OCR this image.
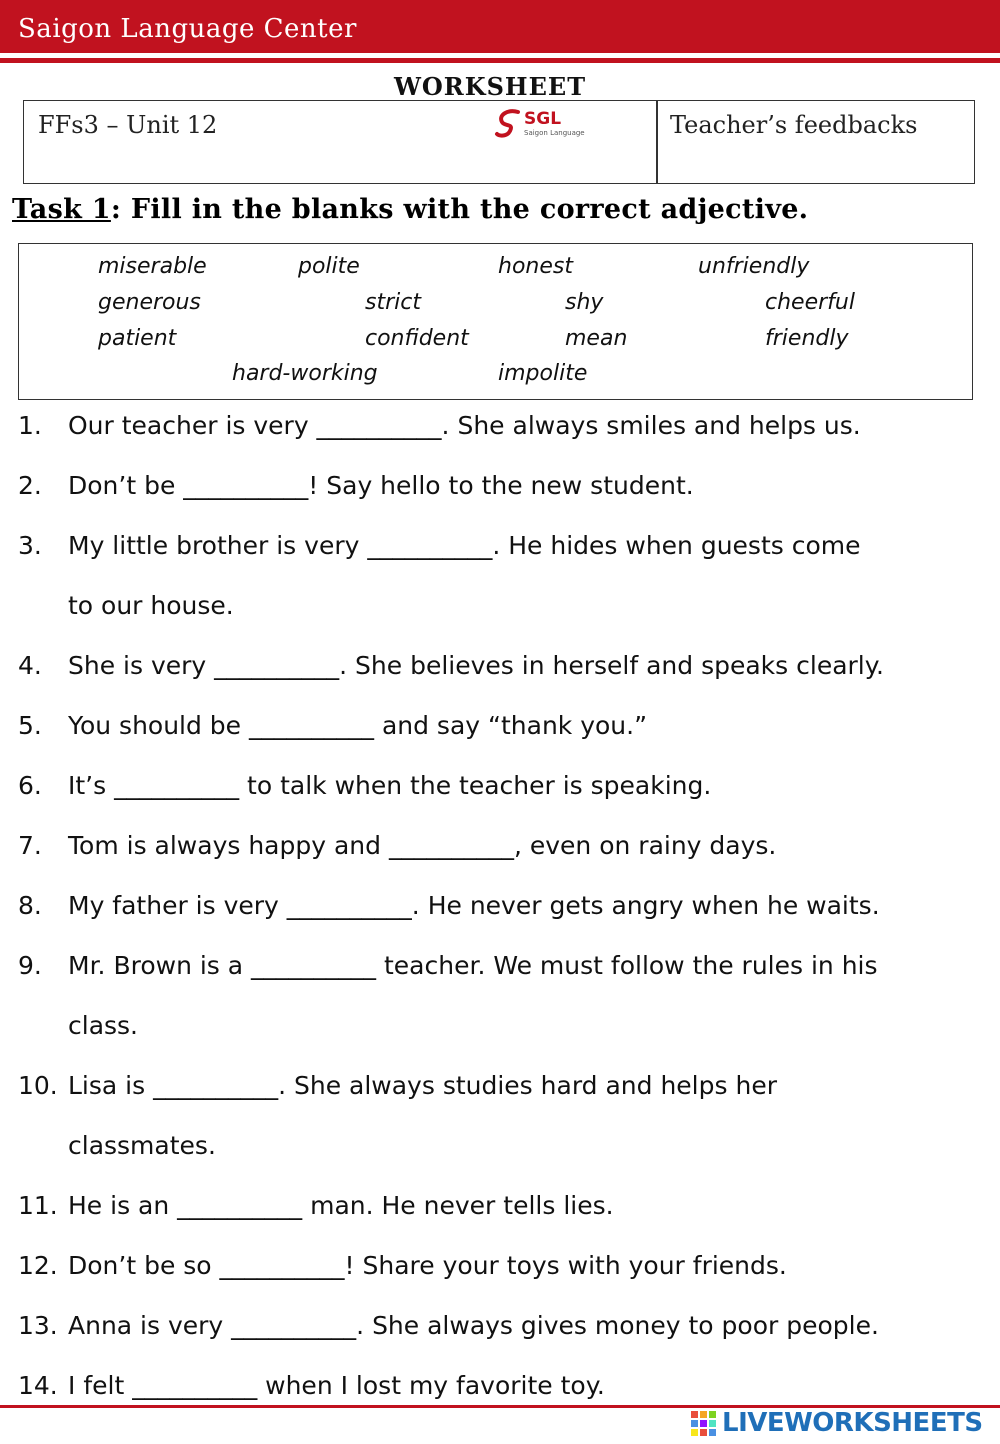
Saigon Language Center
WORKSHEET
FFs3 – Unit 12	SGL
Saigon Language	Teacher’s feedbacks
Task 1: Fill in the blanks with the correct adjective.
miserable	polite	honest	unfriendly
generous	strict	shy	cheerful
patient	confident	mean	friendly
hard-working	impolite
1. Our teacher is very __________. She always smiles and helps us.
2. Don’t be __________! Say hello to the new student.
3. My little brother is very __________. He hides when guests come
to our house.
4. She is very __________. She believes in herself and speaks clearly.
5. You should be __________ and say “thank you.”
6. It’s __________ to talk when the teacher is speaking.
7. Tom is always happy and __________, even on rainy days.
8. My father is very __________. He never gets angry when he waits.
9. Mr. Brown is a __________ teacher. We must follow the rules in his
class.
10. Lisa is __________. She always studies hard and helps her
classmates.
11. He is an __________ man. He never tells lies.
12. Don’t be so __________! Share your toys with your friends.
13. Anna is very __________. She always gives money to poor people.
14. I felt __________ when I lost my favorite toy.
LIVEWORKSHEETS
